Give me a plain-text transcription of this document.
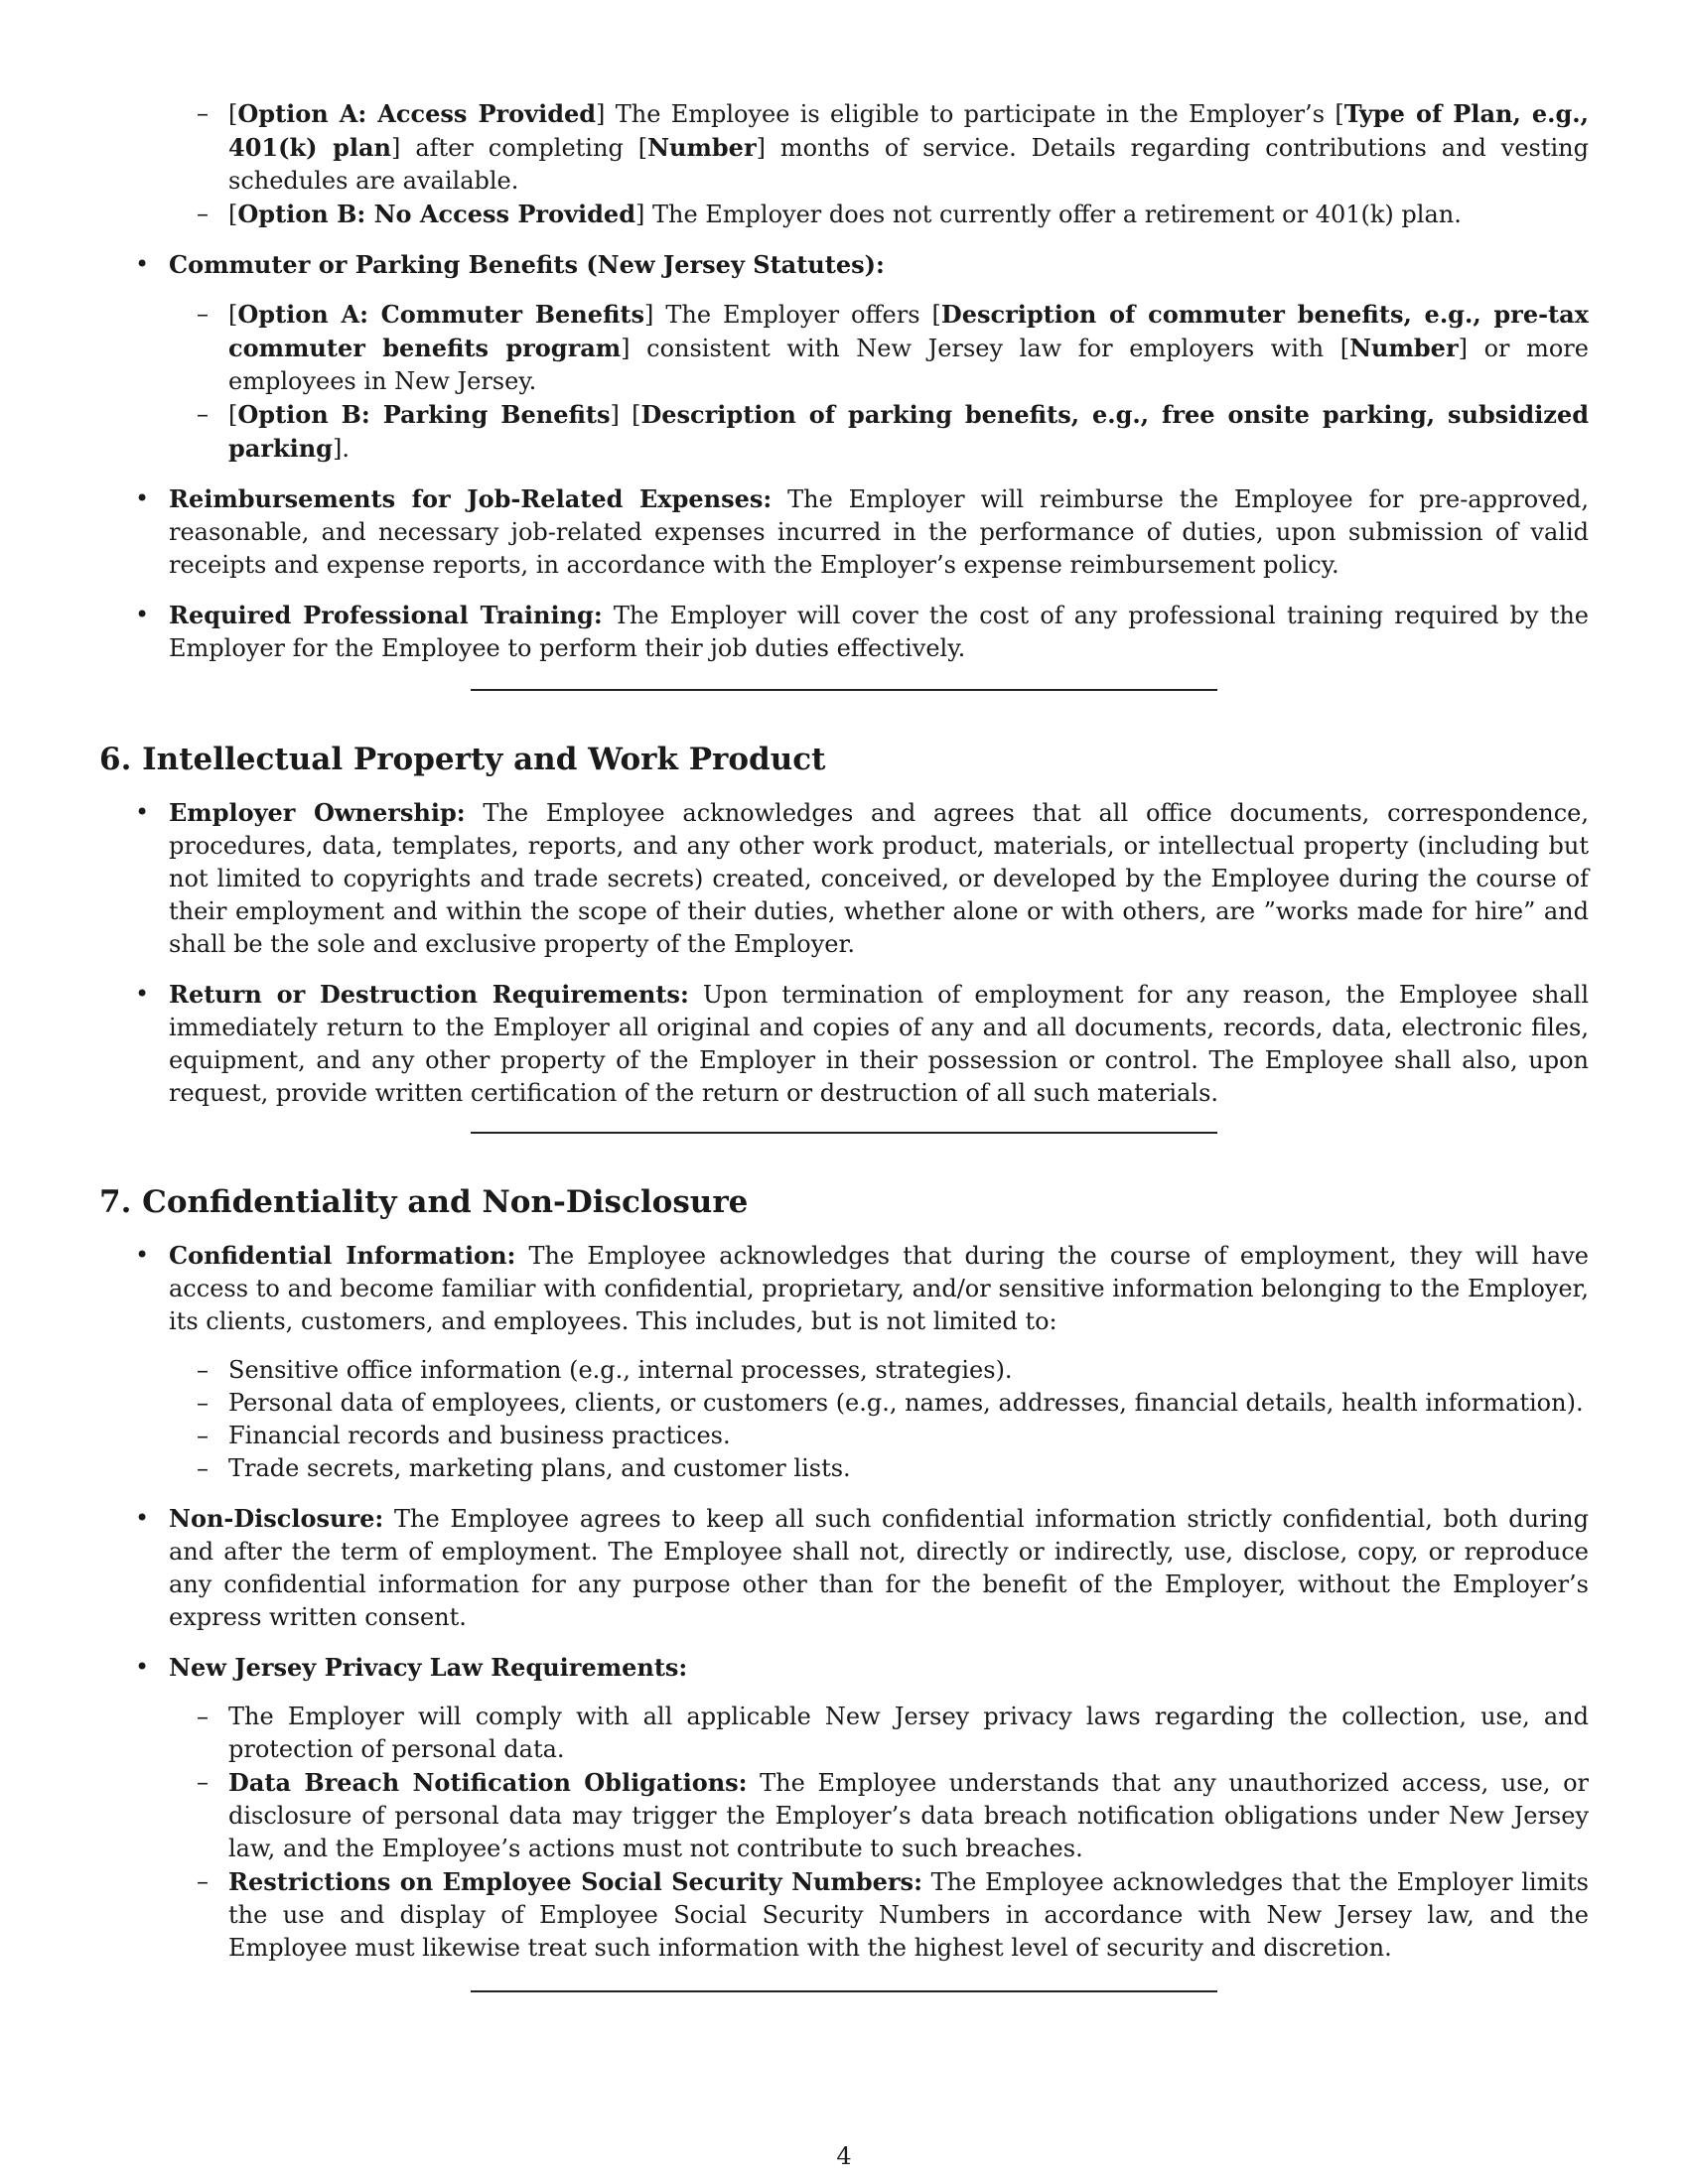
– [Option A: Access Provided] The Employee is eligible to participate in the Employer’s [Type of Plan, e.g., 401(k) plan] after completing [Number] months of service. Details regarding contributions and vesting schedules are available.
– [Option B: No Access Provided] The Employer does not currently offer a retirement or 401(k) plan.
• Commuter or Parking Benefits (New Jersey Statutes):
– [Option A: Commuter Benefits] The Employer offers [Description of commuter benefits, e.g., pre-tax commuter benefits program] consistent with New Jersey law for employers with [Number] or more employees in New Jersey.
– [Option B: Parking Benefits] [Description of parking benefits, e.g., free onsite parking, subsidized parking].
• Reimbursements for Job-Related Expenses: The Employer will reimburse the Employee for pre-approved, reasonable, and necessary job-related expenses incurred in the performance of duties, upon submission of valid receipts and expense reports, in accordance with the Employer’s expense reimbursement policy.
• Required Professional Training: The Employer will cover the cost of any professional training required by the Employer for the Employee to perform their job duties effectively.
6. Intellectual Property and Work Product
• Employer Ownership: The Employee acknowledges and agrees that all office documents, correspondence, procedures, data, templates, reports, and any other work product, materials, or intellectual property (including but not limited to copyrights and trade secrets) created, conceived, or developed by the Employee during the course of their employment and within the scope of their duties, whether alone or with others, are ”works made for hire” and shall be the sole and exclusive property of the Employer.
• Return or Destruction Requirements: Upon termination of employment for any reason, the Employee shall immediately return to the Employer all original and copies of any and all documents, records, data, electronic files, equipment, and any other property of the Employer in their possession or control. The Employee shall also, upon request, provide written certification of the return or destruction of all such materials.
7. Confidentiality and Non-Disclosure
• Confidential Information: The Employee acknowledges that during the course of employment, they will have access to and become familiar with confidential, proprietary, and/or sensitive information belonging to the Employer, its clients, customers, and employees. This includes, but is not limited to:
– Sensitive office information (e.g., internal processes, strategies).
– Personal data of employees, clients, or customers (e.g., names, addresses, financial details, health information).
– Financial records and business practices.
– Trade secrets, marketing plans, and customer lists.
• Non-Disclosure: The Employee agrees to keep all such confidential information strictly confidential, both during and after the term of employment. The Employee shall not, directly or indirectly, use, disclose, copy, or reproduce any confidential information for any purpose other than for the benefit of the Employer, without the Employer’s express written consent.
• New Jersey Privacy Law Requirements:
– The Employer will comply with all applicable New Jersey privacy laws regarding the collection, use, and protection of personal data.
– Data Breach Notification Obligations: The Employee understands that any unauthorized access, use, or disclosure of personal data may trigger the Employer’s data breach notification obligations under New Jersey law, and the Employee’s actions must not contribute to such breaches.
– Restrictions on Employee Social Security Numbers: The Employee acknowledges that the Employer limits the use and display of Employee Social Security Numbers in accordance with New Jersey law, and the Employee must likewise treat such information with the highest level of security and discretion.
4
